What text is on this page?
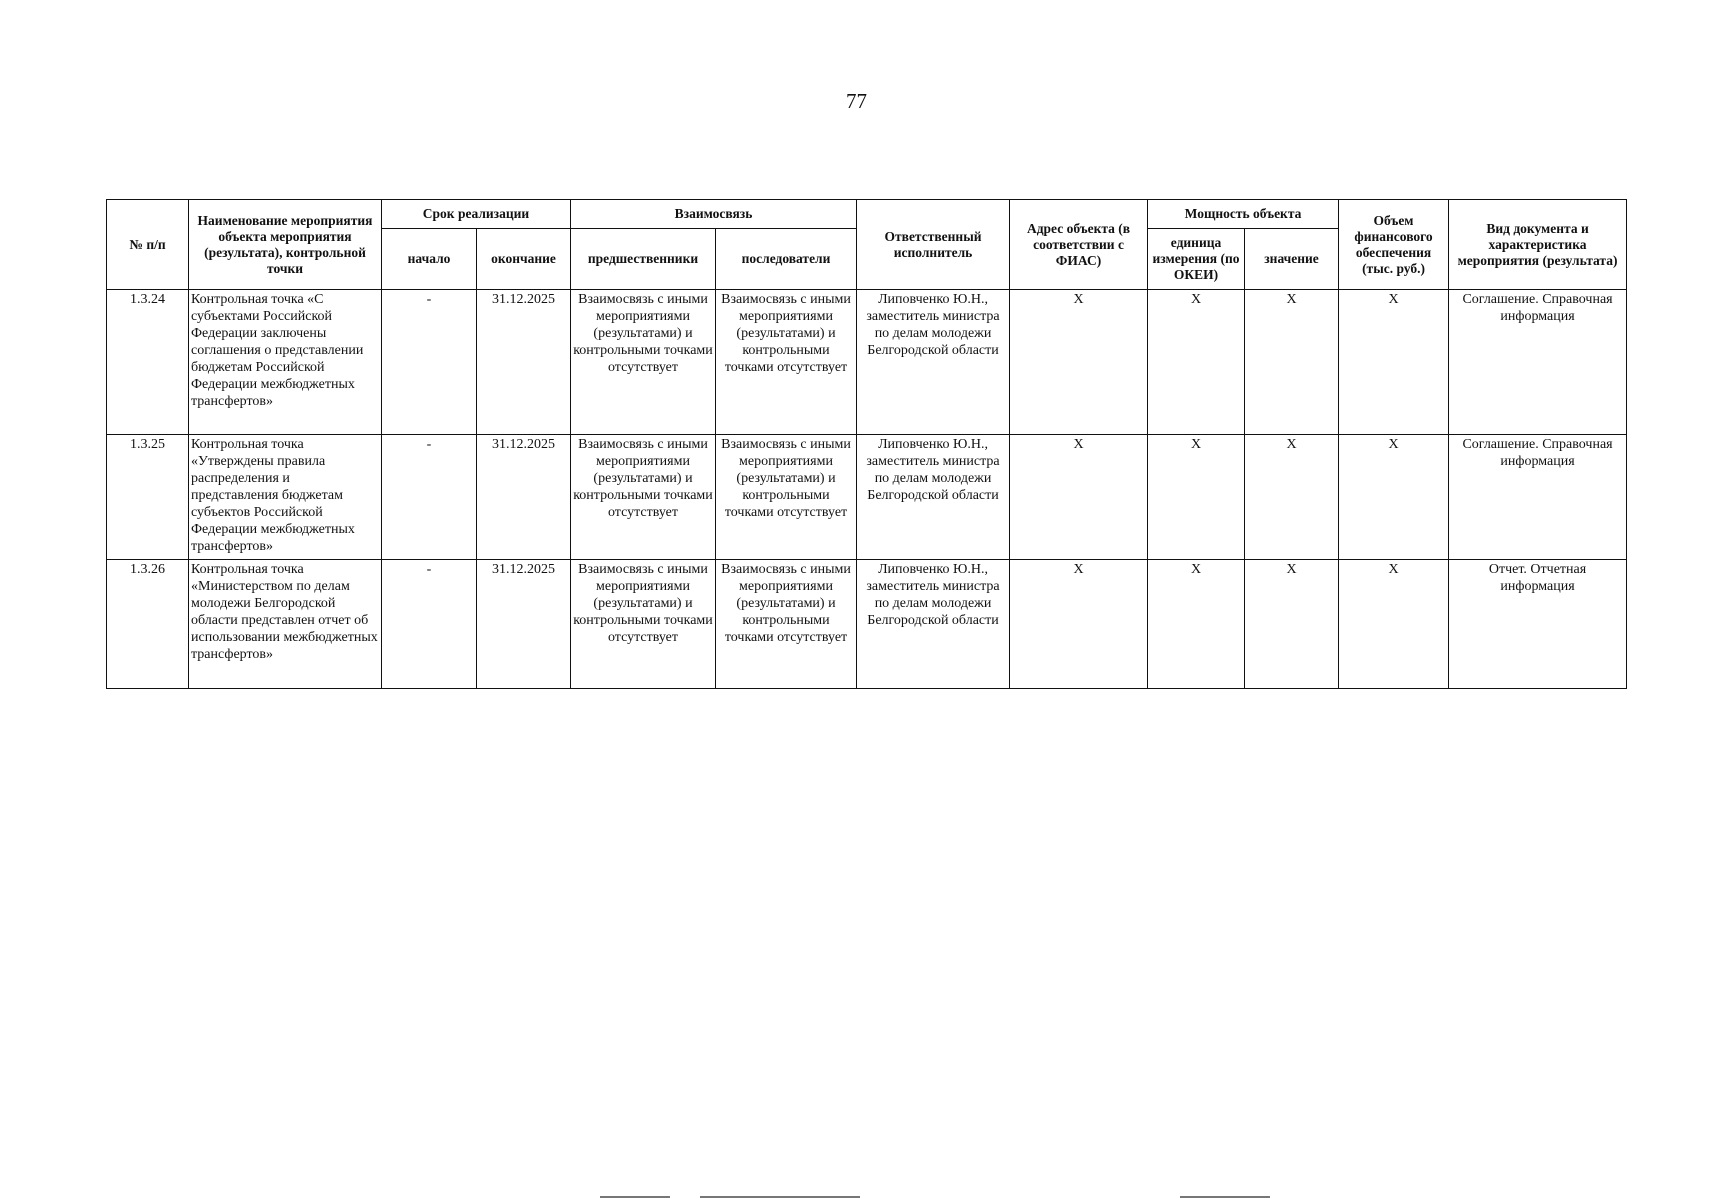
77
№ п/п	Наименование мероприятия объекта мероприятия (результата), контрольной точки	Срок реализации		Взаимосвязь		Ответственный исполнитель	Адрес объекта (в соответствии с ФИАС)	Мощность объекта		Объем финансового обеспечения (тыс. руб.)	Вид документа и характеристика мероприятия (результата)
		начало	окончание	предшественники	последователи			единица измерения (по ОКЕИ)	значение		
1.3.24	Контрольная точка «С субъектами Российской Федерации заключены соглашения о представлении бюджетам Российской Федерации межбюджетных трансфертов»	-	31.12.2025	Взаимосвязь с иными мероприятиями (результатами) и контрольными точками отсутствует	Взаимосвязь с иными мероприятиями (результатами) и контрольными точками отсутствует	Липовченко Ю.Н., заместитель министра по делам молодежи Белгородской области	X	X	X	X	Соглашение. Справочная информация
1.3.25	Контрольная точка «Утверждены правила распределения и представления бюджетам субъектов Российской Федерации межбюджетных трансфертов»	-	31.12.2025	Взаимосвязь с иными мероприятиями (результатами) и контрольными точками отсутствует	Взаимосвязь с иными мероприятиями (результатами) и контрольными точками отсутствует	Липовченко Ю.Н., заместитель министра по делам молодежи Белгородской области	X	X	X	X	Соглашение. Справочная информация
1.3.26	Контрольная точка «Министерством по делам молодежи Белгородской области представлен отчет об использовании межбюджетных трансфертов»	-	31.12.2025	Взаимосвязь с иными мероприятиями (результатами) и контрольными точками отсутствует	Взаимосвязь с иными мероприятиями (результатами) и контрольными точками отсутствует	Липовченко Ю.Н., заместитель министра по делам молодежи Белгородской области	X	X	X	X	Отчет. Отчетная информация
